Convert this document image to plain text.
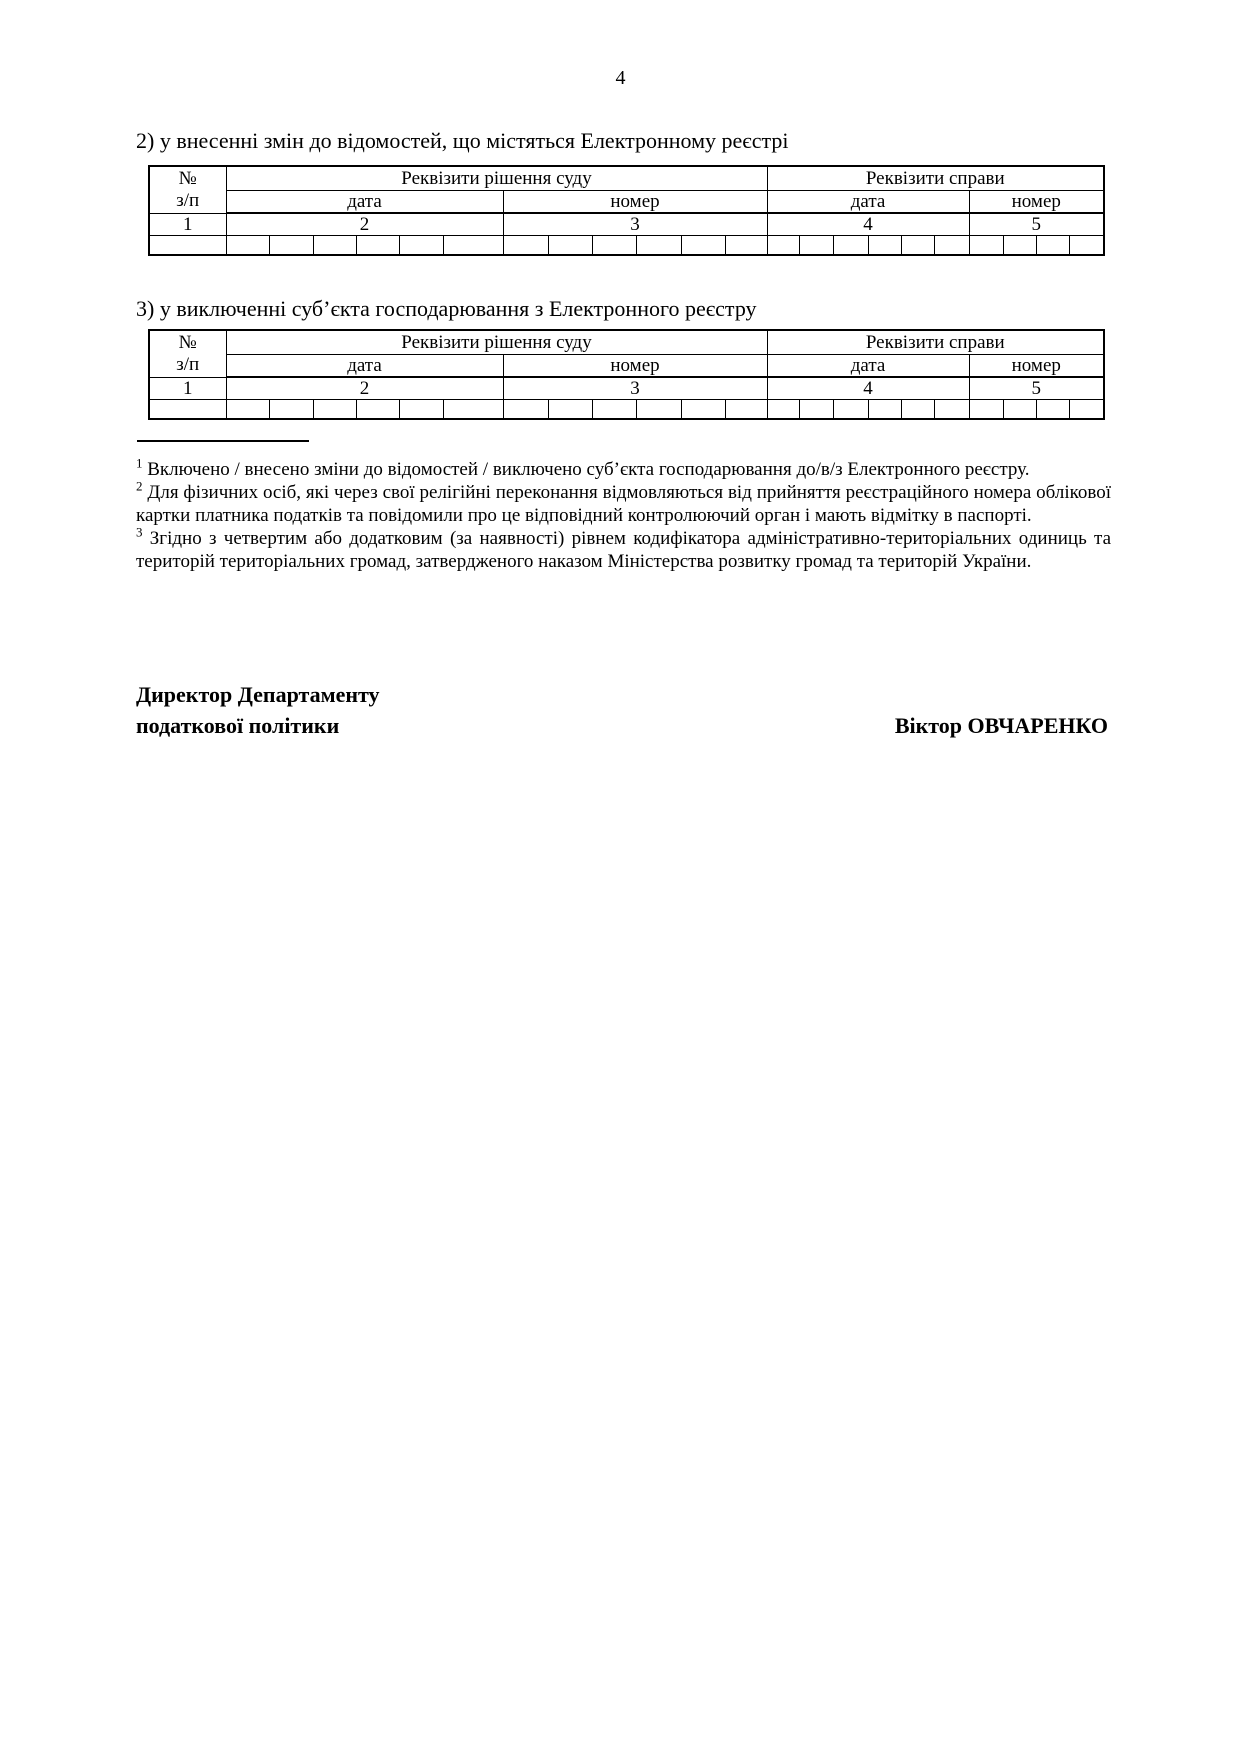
4
2) у внесенні змін до відомостей, що містяться Електронному реєстрі
№
з/п	Реквізити рішення суду												Реквізити справи									
	дата						номер						дата						номер			
1	2						3						4						5			

3) у виключенні суб’єкта господарювання з Електронного реєстру
№
з/п	Реквізити рішення суду												Реквізити справи									
	дата						номер						дата						номер			
1	2						3						4						5			

$^1$ Включено / внесено зміни до відомостей / виключено суб’єкта господарювання до/в/з Електронного реєстру.

$^2$ Для фізичних осіб, які через свої релігійні переконання відмовляються від прийняття реєстраційного номера облікової картки платника податків та повідомили про це відповідний контролюючий орган і мають відмітку в паспорті.

$^3$ Згідно з четвертим або додатковим (за наявності) рівнем кодифікатора адміністративно-територіальних одиниць та територій територіальних громад, затвердженого наказом Міністерства розвитку громад та територій України.

Директор Департаменту
податкової політики	Віктор ОВЧАРЕНКО
